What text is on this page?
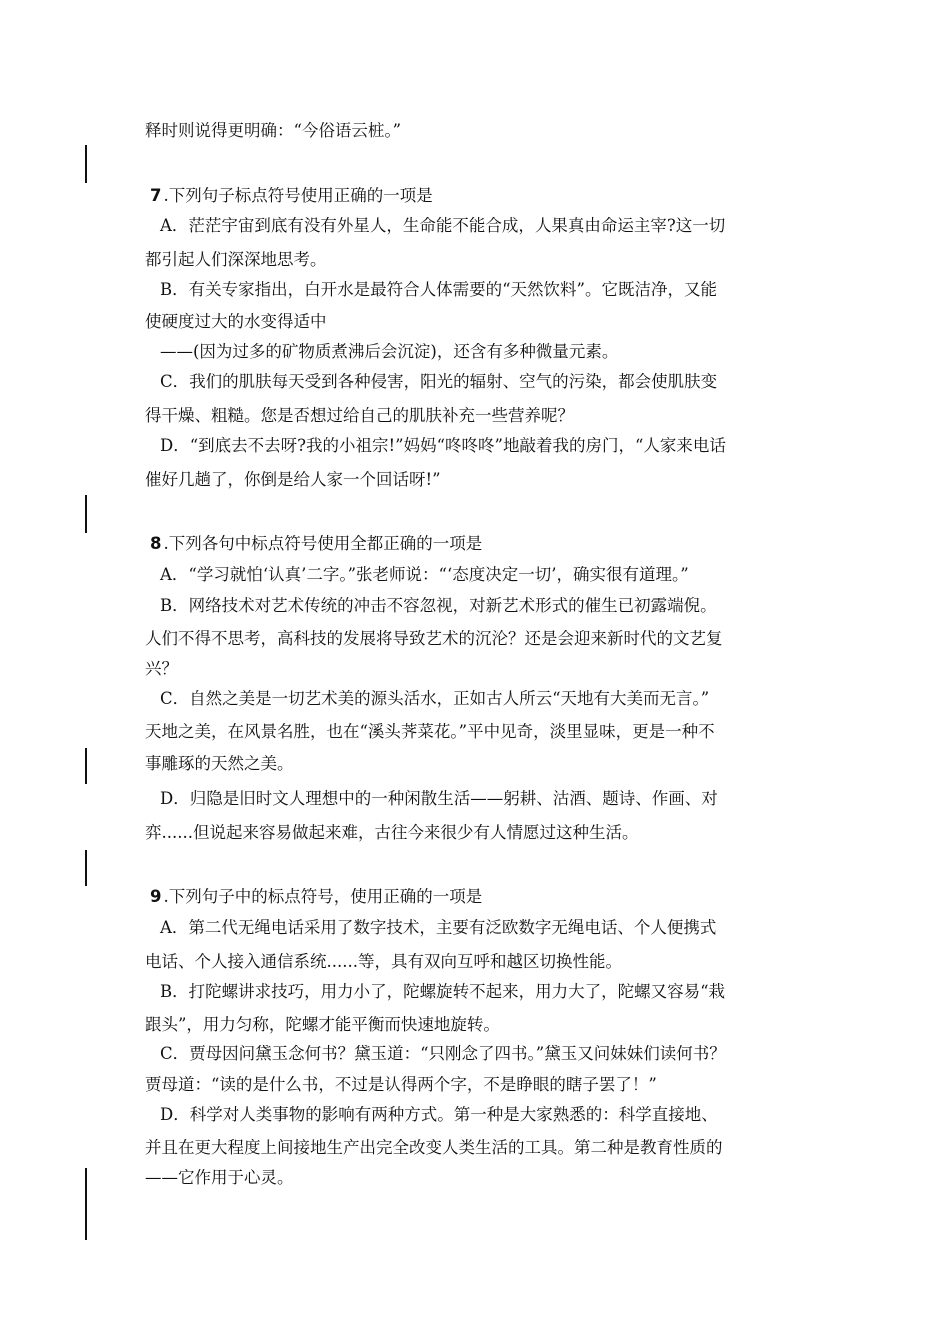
释时则说得更明确：“今俗语云桩。”
7 .下列句子标点符号使用正确的一项是
A．茫茫宇宙到底有没有外星人，生命能不能合成，人果真由命运主宰?这一切
都引起人们深深地思考。
B．有关专家指出，白开水是最符合人体需要的“天然饮料”。它既洁净，又能
使硬度过大的水变得适中
——(因为过多的矿物质煮沸后会沉淀)，还含有多种微量元素。
C．我们的肌肤每天受到各种侵害，阳光的辐射、空气的污染，都会使肌肤变
得干燥、粗糙。您是否想过给自己的肌肤补充一些营养呢？
D．“到底去不去呀?我的小祖宗!”妈妈“咚咚咚”地敲着我的房门，“人家来电话
催好几趟了，你倒是给人家一个回话呀!”
8 .下列各句中标点符号使用全都正确的一项是
A．“学习就怕‘认真’二字。”张老师说：“‘态度决定一切’，确实很有道理。”
B．网络技术对艺术传统的冲击不容忽视，对新艺术形式的催生已初露端倪。
人们不得不思考，高科技的发展将导致艺术的沉沦？还是会迎来新时代的文艺复
兴？
C．自然之美是一切艺术美的源头活水，正如古人所云“天地有大美而无言。”
天地之美，在风景名胜，也在“溪头荠菜花。”平中见奇，淡里显味，更是一种不
事雕琢的天然之美。
D．归隐是旧时文人理想中的一种闲散生活——躬耕、沽酒、题诗、作画、对
弈......但说起来容易做起来难，古往今来很少有人情愿过这种生活。
9 .下列句子中的标点符号，使用正确的一项是
A．第二代无绳电话采用了数字技术，主要有泛欧数字无绳电话、个人便携式
电话、个人接入通信系统......等，具有双向互呼和越区切换性能。
B．打陀螺讲求技巧，用力小了，陀螺旋转不起来，用力大了，陀螺又容易“栽
跟头”，用力匀称，陀螺才能平衡而快速地旋转。
C．贾母因问黛玉念何书？黛玉道：“只刚念了四书。”黛玉又问妹妹们读何书？
贾母道：“读的是什么书，不过是认得两个字，不是睁眼的瞎子罢了！”
D．科学对人类事物的影响有两种方式。第一种是大家熟悉的：科学直接地、
并且在更大程度上间接地生产出完全改变人类生活的工具。第二种是教育性质的
——它作用于心灵。
